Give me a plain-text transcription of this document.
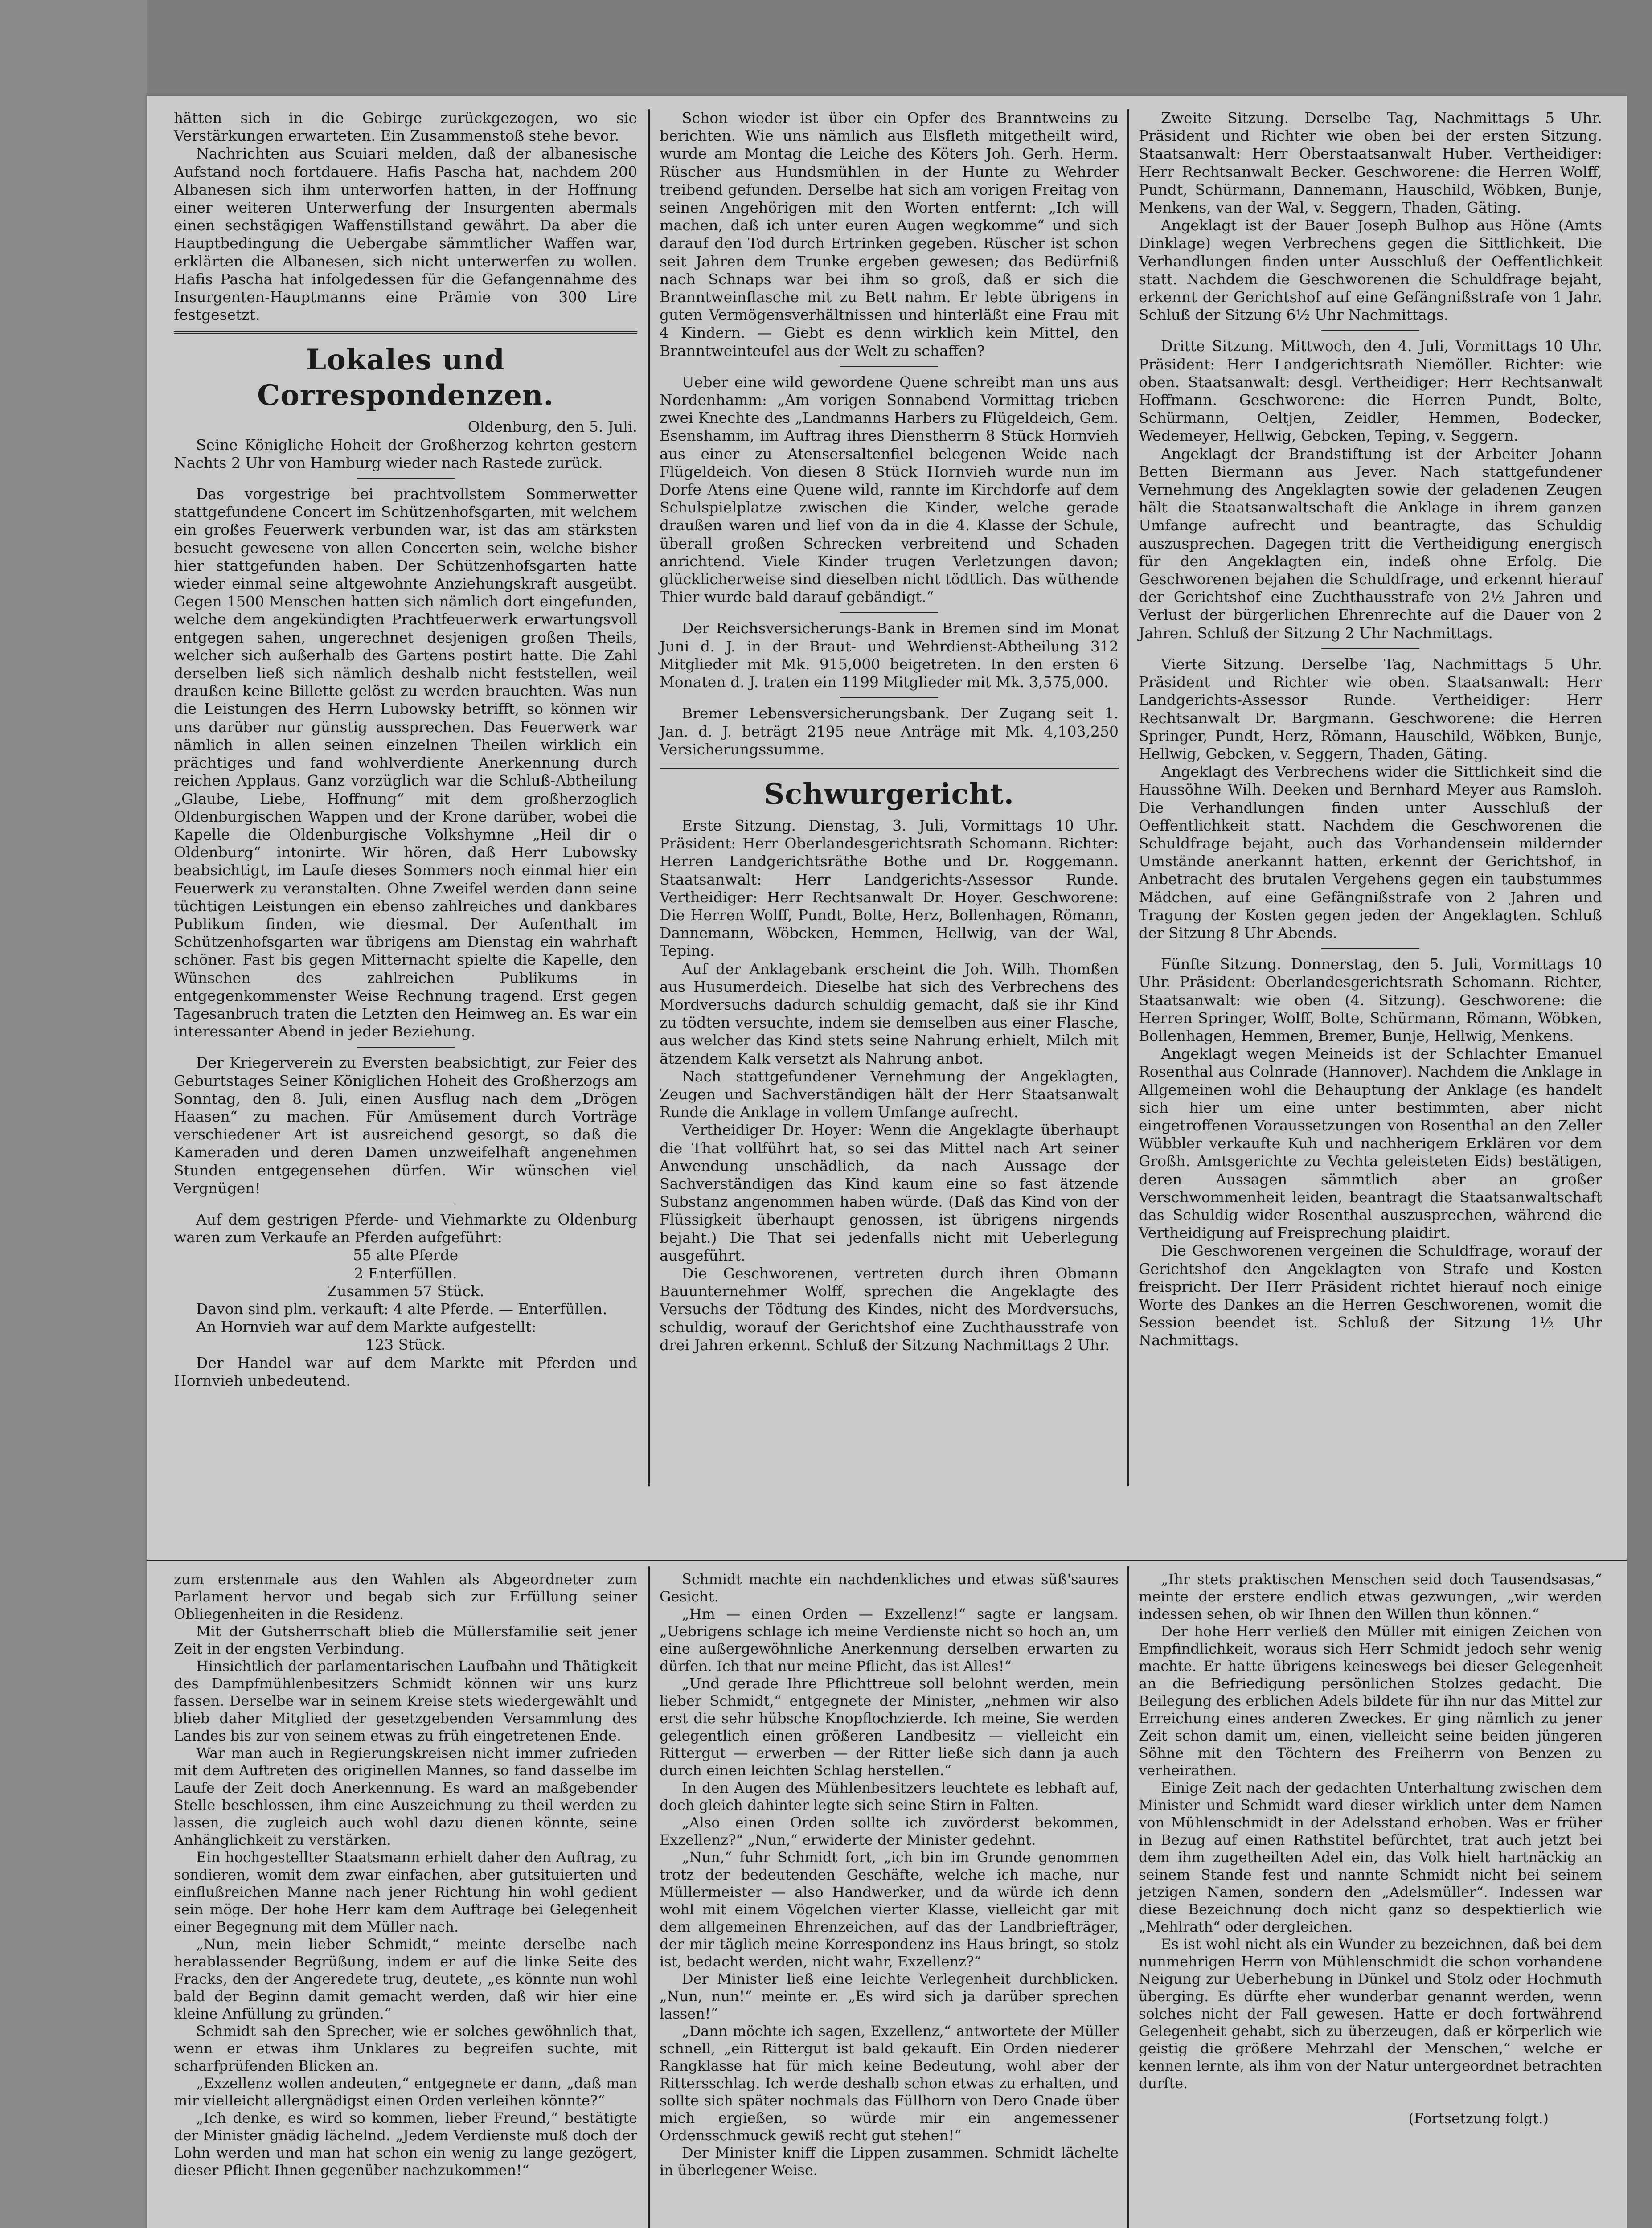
hätten sich in die Gebirge zurückgezogen, wo sie Verstärkungen erwarteten. Ein Zusammenstoß stehe bevor.

Nachrichten aus Scuiari melden, daß der albanesische Aufstand noch fortdauere. Hafis Pascha hat, nachdem 200 Albanesen sich ihm unterworfen hatten, in der Hoffnung einer weiteren Unterwerfung der Insurgenten abermals einen sechstägigen Waffenstillstand gewährt. Da aber die Hauptbedingung die Uebergabe sämmtlicher Waffen war, erklärten die Albanesen, sich nicht unterwerfen zu wollen. Hafis Pascha hat infolgedessen für die Gefangennahme des Insurgenten-Hauptmanns eine Prämie von 300 Lire festgesetzt.

Lokales und Correspondenzen.

Oldenburg, den 5. Juli.

Seine Königliche Hoheit der Großherzog kehrten gestern Nachts 2 Uhr von Hamburg wieder nach Rastede zurück.

Das vorgestrige bei prachtvollstem Sommerwetter stattgefundene Concert im Schützenhofsgarten, mit welchem ein großes Feuerwerk verbunden war, ist das am stärksten besucht gewesene von allen Concerten sein, welche bisher hier stattgefunden haben. Der Schützenhofsgarten hatte wieder einmal seine altgewohnte Anziehungskraft ausgeübt. Gegen 1500 Menschen hatten sich nämlich dort eingefunden, welche dem angekündigten Prachtfeuerwerk erwartungsvoll entgegen sahen, ungerechnet desjenigen großen Theils, welcher sich außerhalb des Gartens postirt hatte. Die Zahl derselben ließ sich nämlich deshalb nicht feststellen, weil draußen keine Billette gelöst zu werden brauchten. Was nun die Leistungen des Herrn Lubowsky betrifft, so können wir uns darüber nur günstig aussprechen. Das Feuerwerk war nämlich in allen seinen einzelnen Theilen wirklich ein prächtiges und fand wohlverdiente Anerkennung durch reichen Applaus. Ganz vorzüglich war die Schluß-Abtheilung „Glaube, Liebe, Hoffnung“ mit dem großherzoglich Oldenburgischen Wappen und der Krone darüber, wobei die Kapelle die Oldenburgische Volkshymne „Heil dir o Oldenburg“ intonirte. Wir hören, daß Herr Lubowsky beabsichtigt, im Laufe dieses Sommers noch einmal hier ein Feuerwerk zu veranstalten. Ohne Zweifel werden dann seine tüchtigen Leistungen ein ebenso zahlreiches und dankbares Publikum finden, wie diesmal. Der Aufenthalt im Schützenhofsgarten war übrigens am Dienstag ein wahrhaft schöner. Fast bis gegen Mitternacht spielte die Kapelle, den Wünschen des zahlreichen Publikums in entgegenkommenster Weise Rechnung tragend. Erst gegen Tagesanbruch traten die Letzten den Heimweg an. Es war ein interessanter Abend in jeder Beziehung.

Der Kriegerverein zu Eversten beabsichtigt, zur Feier des Geburtstages Seiner Königlichen Hoheit des Großherzogs am Sonntag, den 8. Juli, einen Ausflug nach dem „Drögen Haasen“ zu machen. Für Amüsement durch Vorträge verschiedener Art ist ausreichend gesorgt, so daß die Kameraden und deren Damen unzweifelhaft angenehmen Stunden entgegensehen dürfen. Wir wünschen viel Vergnügen!

Auf dem gestrigen Pferde- und Viehmarkte zu Oldenburg waren zum Verkaufe an Pferden aufgeführt:

55 alte Pferde

2 Enterfüllen.

Zusammen 57 Stück.

Davon sind plm. verkauft: 4 alte Pferde. — Enterfüllen.

An Hornvieh war auf dem Markte aufgestellt:

123 Stück.

Der Handel war auf dem Markte mit Pferden und Hornvieh unbedeutend.

Schon wieder ist über ein Opfer des Branntweins zu berichten. Wie uns nämlich aus Elsfleth mitgetheilt wird, wurde am Montag die Leiche des Köters Joh. Gerh. Herm. Rüscher aus Hundsmühlen in der Hunte zu Wehrder treibend gefunden. Derselbe hat sich am vorigen Freitag von seinen Angehörigen mit den Worten entfernt: „Ich will machen, daß ich unter euren Augen wegkomme“ und sich darauf den Tod durch Ertrinken gegeben. Rüscher ist schon seit Jahren dem Trunke ergeben gewesen; das Bedürfniß nach Schnaps war bei ihm so groß, daß er sich die Branntweinflasche mit zu Bett nahm. Er lebte übrigens in guten Vermögensverhältnissen und hinterläßt eine Frau mit 4 Kindern. — Giebt es denn wirklich kein Mittel, den Branntweinteufel aus der Welt zu schaffen?

Ueber eine wild gewordene Quene schreibt man uns aus Nordenhamm: „Am vorigen Sonnabend Vormittag trieben zwei Knechte des „Landmanns Harbers zu Flügeldeich, Gem. Esenshamm, im Auftrag ihres Dienstherrn 8 Stück Hornvieh aus einer zu Atensersaltenfiel belegenen Weide nach Flügeldeich. Von diesen 8 Stück Hornvieh wurde nun im Dorfe Atens eine Quene wild, rannte im Kirchdorfe auf dem Schulspielplatze zwischen die Kinder, welche gerade draußen waren und lief von da in die 4. Klasse der Schule, überall großen Schrecken verbreitend und Schaden anrichtend. Viele Kinder trugen Verletzungen davon; glücklicherweise sind dieselben nicht tödtlich. Das wüthende Thier wurde bald darauf gebändigt.“

Der Reichsversicherungs-Bank in Bremen sind im Monat Juni d. J. in der Braut- und Wehrdienst-Abtheilung 312 Mitglieder mit Mk. 915,000 beigetreten. In den ersten 6 Monaten d. J. traten ein 1199 Mitglieder mit Mk. 3,575,000.

Bremer Lebensversicherungsbank. Der Zugang seit 1. Jan. d. J. beträgt 2195 neue Anträge mit Mk. 4,103,250 Versicherungssumme.

Schwurgericht.

Erste Sitzung. Dienstag, 3. Juli, Vormittags 10 Uhr. Präsident: Herr Oberlandesgerichtsrath Schomann. Richter: Herren Landgerichtsräthe Bothe und Dr. Roggemann. Staatsanwalt: Herr Landgerichts-Assessor Runde. Vertheidiger: Herr Rechtsanwalt Dr. Hoyer. Geschworene: Die Herren Wolff, Pundt, Bolte, Herz, Bollenhagen, Römann, Dannemann, Wöbcken, Hemmen, Hellwig, van der Wal, Teping.

Auf der Anklagebank erscheint die Joh. Wilh. Thomßen aus Husumerdeich. Dieselbe hat sich des Verbrechens des Mordversuchs dadurch schuldig gemacht, daß sie ihr Kind zu tödten versuchte, indem sie demselben aus einer Flasche, aus welcher das Kind stets seine Nahrung erhielt, Milch mit ätzendem Kalk versetzt als Nahrung anbot.

Nach stattgefundener Vernehmung der Angeklagten, Zeugen und Sachverständigen hält der Herr Staatsanwalt Runde die Anklage in vollem Umfange aufrecht.

Vertheidiger Dr. Hoyer: Wenn die Angeklagte überhaupt die That vollführt hat, so sei das Mittel nach Art seiner Anwendung unschädlich, da nach Aussage der Sachverständigen das Kind kaum eine so fast ätzende Substanz angenommen haben würde. (Daß das Kind von der Flüssigkeit überhaupt genossen, ist übrigens nirgends bejaht.) Die That sei jedenfalls nicht mit Ueberlegung ausgeführt.

Die Geschworenen, vertreten durch ihren Obmann Bauunternehmer Wolff, sprechen die Angeklagte des Versuchs der Tödtung des Kindes, nicht des Mordversuchs, schuldig, worauf der Gerichtshof eine Zuchthausstrafe von drei Jahren erkennt. Schluß der Sitzung Nachmittags 2 Uhr.

Zweite Sitzung. Derselbe Tag, Nachmittags 5 Uhr. Präsident und Richter wie oben bei der ersten Sitzung. Staatsanwalt: Herr Oberstaatsanwalt Huber. Vertheidiger: Herr Rechtsanwalt Becker. Geschworene: die Herren Wolff, Pundt, Schürmann, Dannemann, Hauschild, Wöbken, Bunje, Menkens, van der Wal, v. Seggern, Thaden, Gäting.

Angeklagt ist der Bauer Joseph Bulhop aus Höne (Amts Dinklage) wegen Verbrechens gegen die Sittlichkeit. Die Verhandlungen finden unter Ausschluß der Oeffentlichkeit statt. Nachdem die Geschworenen die Schuldfrage bejaht, erkennt der Gerichtshof auf eine Gefängnißstrafe von 1 Jahr. Schluß der Sitzung 6½ Uhr Nachmittags.

Dritte Sitzung. Mittwoch, den 4. Juli, Vormittags 10 Uhr. Präsident: Herr Landgerichtsrath Niemöller. Richter: wie oben. Staatsanwalt: desgl. Vertheidiger: Herr Rechtsanwalt Hoffmann. Geschworene: die Herren Pundt, Bolte, Schürmann, Oeltjen, Zeidler, Hemmen, Bodecker, Wedemeyer, Hellwig, Gebcken, Teping, v. Seggern.

Angeklagt der Brandstiftung ist der Arbeiter Johann Betten Biermann aus Jever. Nach stattgefundener Vernehmung des Angeklagten sowie der geladenen Zeugen hält die Staatsanwaltschaft die Anklage in ihrem ganzen Umfange aufrecht und beantragte, das Schuldig auszusprechen. Dagegen tritt die Vertheidigung energisch für den Angeklagten ein, indeß ohne Erfolg. Die Geschworenen bejahen die Schuldfrage, und erkennt hierauf der Gerichtshof eine Zuchthausstrafe von 2½ Jahren und Verlust der bürgerlichen Ehrenrechte auf die Dauer von 2 Jahren. Schluß der Sitzung 2 Uhr Nachmittags.

Vierte Sitzung. Derselbe Tag, Nachmittags 5 Uhr. Präsident und Richter wie oben. Staatsanwalt: Herr Landgerichts-Assessor Runde. Vertheidiger: Herr Rechtsanwalt Dr. Bargmann. Geschworene: die Herren Springer, Pundt, Herz, Römann, Hauschild, Wöbken, Bunje, Hellwig, Gebcken, v. Seggern, Thaden, Gäting.

Angeklagt des Verbrechens wider die Sittlichkeit sind die Haussöhne Wilh. Deeken und Bernhard Meyer aus Ramsloh. Die Verhandlungen finden unter Ausschluß der Oeffentlichkeit statt. Nachdem die Geschworenen die Schuldfrage bejaht, auch das Vorhandensein mildernder Umstände anerkannt hatten, erkennt der Gerichtshof, in Anbetracht des brutalen Vergehens gegen ein taubstummes Mädchen, auf eine Gefängnißstrafe von 2 Jahren und Tragung der Kosten gegen jeden der Angeklagten. Schluß der Sitzung 8 Uhr Abends.

Fünfte Sitzung. Donnerstag, den 5. Juli, Vormittags 10 Uhr. Präsident: Oberlandesgerichtsrath Schomann. Richter, Staatsanwalt: wie oben (4. Sitzung). Geschworene: die Herren Springer, Wolff, Bolte, Schürmann, Römann, Wöbken, Bollenhagen, Hemmen, Bremer, Bunje, Hellwig, Menkens.

Angeklagt wegen Meineids ist der Schlachter Emanuel Rosenthal aus Colnrade (Hannover). Nachdem die Anklage in Allgemeinen wohl die Behauptung der Anklage (es handelt sich hier um eine unter bestimmten, aber nicht eingetroffenen Voraussetzungen von Rosenthal an den Zeller Wübbler verkaufte Kuh und nachherigem Erklären vor dem Großh. Amtsgerichte zu Vechta geleisteten Eids) bestätigen, deren Aussagen sämmtlich aber an großer Verschwommenheit leiden, beantragt die Staatsanwaltschaft das Schuldig wider Rosenthal auszusprechen, während die Vertheidigung auf Freisprechung plaidirt.

Die Geschworenen vergeinen die Schuldfrage, worauf der Gerichtshof den Angeklagten von Strafe und Kosten freispricht. Der Herr Präsident richtet hierauf noch einige Worte des Dankes an die Herren Geschworenen, womit die Session beendet ist. Schluß der Sitzung 1½ Uhr Nachmittags.

zum erstenmale aus den Wahlen als Abgeordneter zum Parlament hervor und begab sich zur Erfüllung seiner Obliegenheiten in die Residenz.

Mit der Gutsherrschaft blieb die Müllersfamilie seit jener Zeit in der engsten Verbindung.

Hinsichtlich der parlamentarischen Laufbahn und Thätigkeit des Dampfmühlenbesitzers Schmidt können wir uns kurz fassen. Derselbe war in seinem Kreise stets wiedergewählt und blieb daher Mitglied der gesetzgebenden Versammlung des Landes bis zur von seinem etwas zu früh eingetretenen Ende.

War man auch in Regierungskreisen nicht immer zufrieden mit dem Auftreten des originellen Mannes, so fand dasselbe im Laufe der Zeit doch Anerkennung. Es ward an maßgebender Stelle beschlossen, ihm eine Auszeichnung zu theil werden zu lassen, die zugleich auch wohl dazu dienen könnte, seine Anhänglichkeit zu verstärken.

Ein hochgestellter Staatsmann erhielt daher den Auftrag, zu sondieren, womit dem zwar einfachen, aber gutsituierten und einflußreichen Manne nach jener Richtung hin wohl gedient sein möge. Der hohe Herr kam dem Auftrage bei Gelegenheit einer Begegnung mit dem Müller nach.

„Nun, mein lieber Schmidt,“ meinte derselbe nach herablassender Begrüßung, indem er auf die linke Seite des Fracks, den der Angeredete trug, deutete, „es könnte nun wohl bald der Beginn damit gemacht werden, daß wir hier eine kleine Anfüllung zu gründen.“

Schmidt sah den Sprecher, wie er solches gewöhnlich that, wenn er etwas ihm Unklares zu begreifen suchte, mit scharfprüfenden Blicken an.

„Exzellenz wollen andeuten,“ entgegnete er dann, „daß man mir vielleicht allergnädigst einen Orden verleihen könnte?“

„Ich denke, es wird so kommen, lieber Freund,“ bestätigte der Minister gnädig lächelnd. „Jedem Verdienste muß doch der Lohn werden und man hat schon ein wenig zu lange gezögert, dieser Pflicht Ihnen gegenüber nachzukommen!“

Schmidt machte ein nachdenkliches und etwas süß'saures Gesicht.

„Hm — einen Orden — Exzellenz!“ sagte er langsam. „Uebrigens schlage ich meine Verdienste nicht so hoch an, um eine außergewöhnliche Anerkennung derselben erwarten zu dürfen. Ich that nur meine Pflicht, das ist Alles!“

„Und gerade Ihre Pflichttreue soll belohnt werden, mein lieber Schmidt,“ entgegnete der Minister, „nehmen wir also erst die sehr hübsche Knopflochzierde. Ich meine, Sie werden gelegentlich einen größeren Landbesitz — vielleicht ein Rittergut — erwerben — der Ritter ließe sich dann ja auch durch einen leichten Schlag herstellen.“

In den Augen des Mühlenbesitzers leuchtete es lebhaft auf, doch gleich dahinter legte sich seine Stirn in Falten.

„Also einen Orden sollte ich zuvörderst bekommen, Exzellenz?“ „Nun,“ erwiderte der Minister gedehnt.

„Nun,“ fuhr Schmidt fort, „ich bin im Grunde genommen trotz der bedeutenden Geschäfte, welche ich mache, nur Müllermeister — also Handwerker, und da würde ich denn wohl mit einem Vögelchen vierter Klasse, vielleicht gar mit dem allgemeinen Ehrenzeichen, auf das der Landbriefträger, der mir täglich meine Korrespondenz ins Haus bringt, so stolz ist, bedacht werden, nicht wahr, Exzellenz?“

Der Minister ließ eine leichte Verlegenheit durchblicken. „Nun, nun!“ meinte er. „Es wird sich ja darüber sprechen lassen!“

„Dann möchte ich sagen, Exzellenz,“ antwortete der Müller schnell, „ein Rittergut ist bald gekauft. Ein Orden niederer Rangklasse hat für mich keine Bedeutung, wohl aber der Rittersschlag. Ich werde deshalb schon etwas zu erhalten, und sollte sich später nochmals das Füllhorn von Dero Gnade über mich ergießen, so würde mir ein angemessener Ordensschmuck gewiß recht gut stehen!“

Der Minister kniff die Lippen zusammen. Schmidt lächelte in überlegener Weise.

„Ihr stets praktischen Menschen seid doch Tausendsasas,“ meinte der erstere endlich etwas gezwungen, „wir werden indessen sehen, ob wir Ihnen den Willen thun können.“

Der hohe Herr verließ den Müller mit einigen Zeichen von Empfindlichkeit, woraus sich Herr Schmidt jedoch sehr wenig machte. Er hatte übrigens keineswegs bei dieser Gelegenheit an die Befriedigung persönlichen Stolzes gedacht. Die Beilegung des erblichen Adels bildete für ihn nur das Mittel zur Erreichung eines anderen Zweckes. Er ging nämlich zu jener Zeit schon damit um, einen, vielleicht seine beiden jüngeren Söhne mit den Töchtern des Freiherrn von Benzen zu verheirathen.

Einige Zeit nach der gedachten Unterhaltung zwischen dem Minister und Schmidt ward dieser wirklich unter dem Namen von Mühlenschmidt in der Adelsstand erhoben. Was er früher in Bezug auf einen Rathstitel befürchtet, trat auch jetzt bei dem ihm zugetheilten Adel ein, das Volk hielt hartnäckig an seinem Stande fest und nannte Schmidt nicht bei seinem jetzigen Namen, sondern den „Adelsmüller“. Indessen war diese Bezeichnung doch nicht ganz so despektierlich wie „Mehlrath“ oder dergleichen.

Es ist wohl nicht als ein Wunder zu bezeichnen, daß bei dem nunmehrigen Herrn von Mühlenschmidt die schon vorhandene Neigung zur Ueberhebung in Dünkel und Stolz oder Hochmuth überging. Es dürfte eher wunderbar genannt werden, wenn solches nicht der Fall gewesen. Hatte er doch fortwährend Gelegenheit gehabt, sich zu überzeugen, daß er körperlich wie geistig die größere Mehrzahl der Menschen,“ welche er kennen lernte, als ihm von der Natur untergeordnet betrachten durfte.

(Fortsetzung folgt.)
